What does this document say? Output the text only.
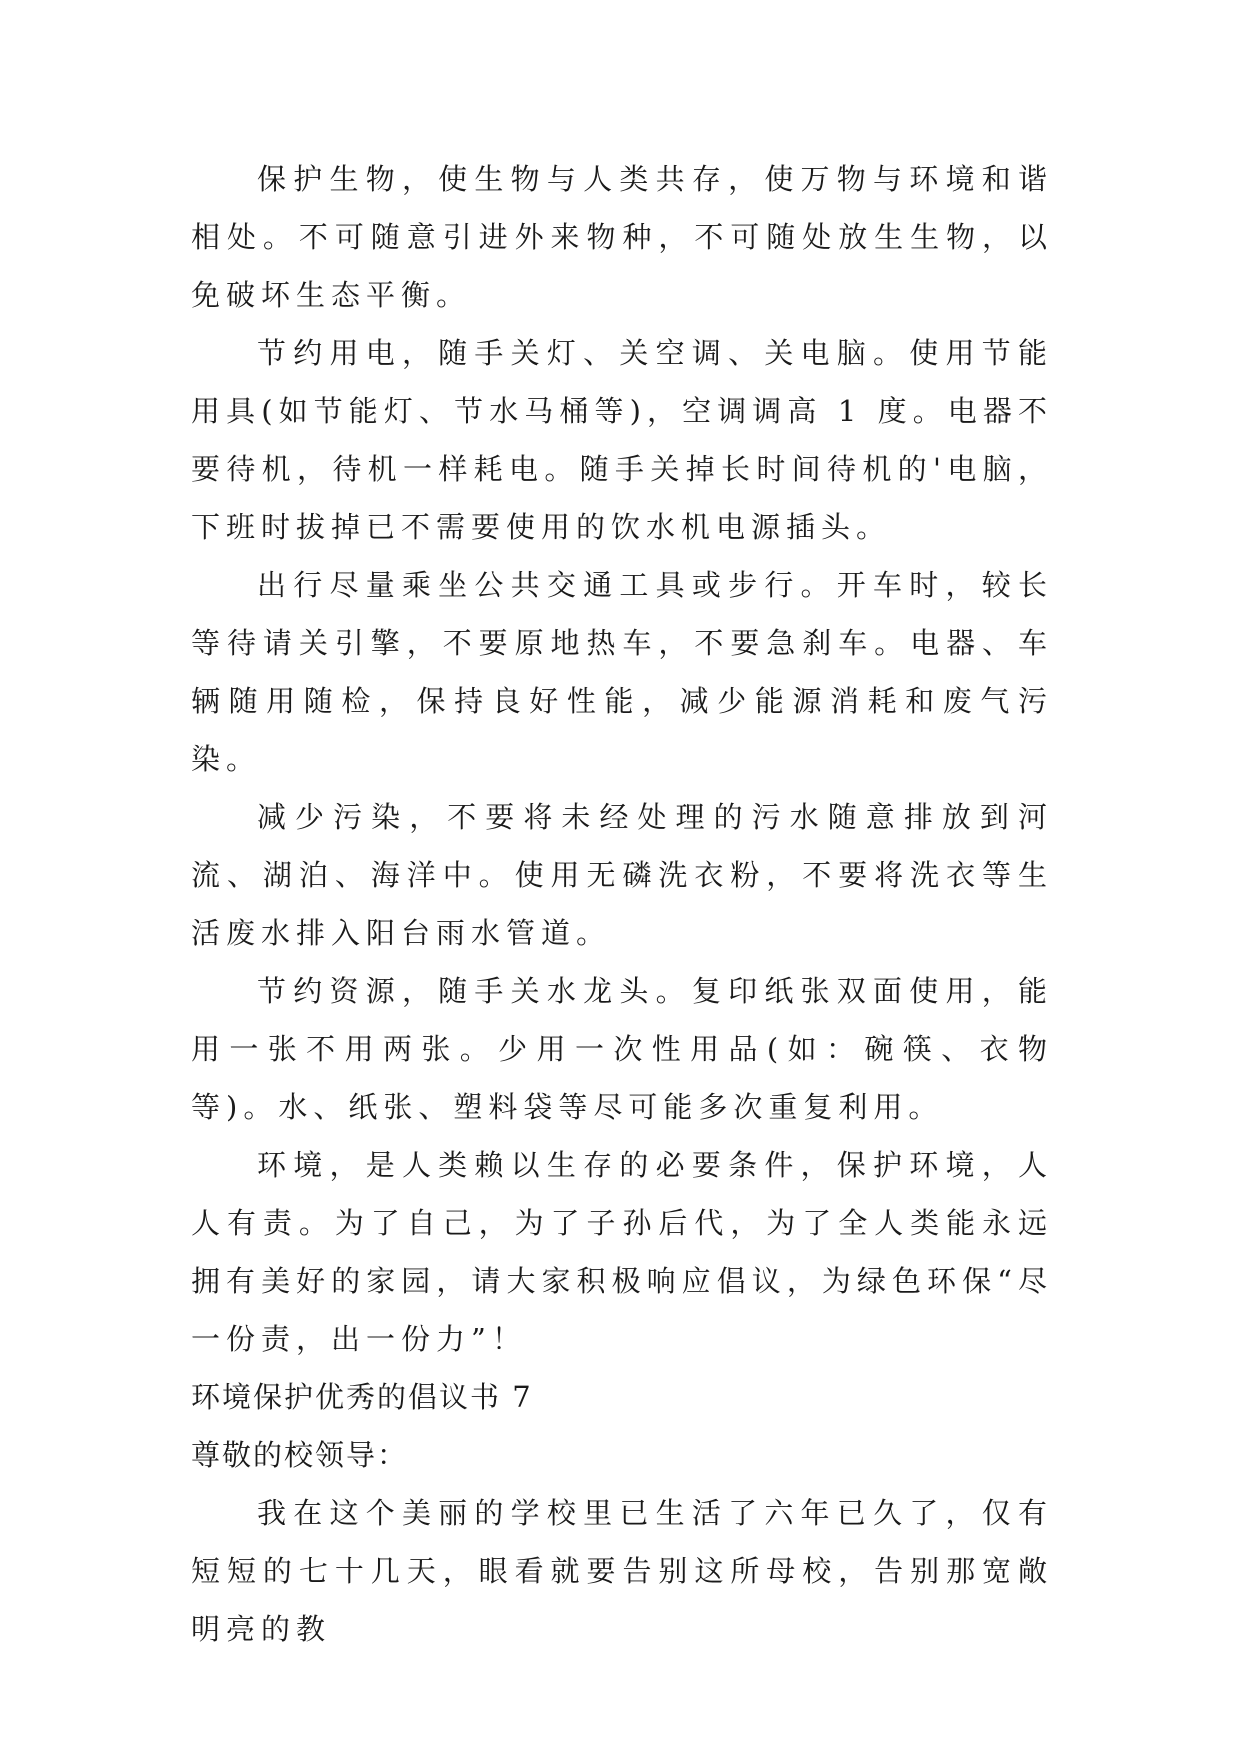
保护生物，使生物与人类共存，使万物与环境和谐相处。不可随意引进外来物种，不可随处放生生物，以免破坏生态平衡。

节约用电，随手关灯、关空调、关电脑。使用节能用具(如节能灯、节水马桶等)，空调调高 1 度。电器不要待机，待机一样耗电。随手关掉长时间待机的'电脑，下班时拔掉已不需要使用的饮水机电源插头。

出行尽量乘坐公共交通工具或步行。开车时，较长等待请关引擎，不要原地热车，不要急刹车。电器、车辆随用随检，保持良好性能，减少能源消耗和废气污染。

减少污染，不要将未经处理的污水随意排放到河流、湖泊、海洋中。使用无磷洗衣粉，不要将洗衣等生活废水排入阳台雨水管道。

节约资源，随手关水龙头。复印纸张双面使用，能用一张不用两张。少用一次性用品(如：碗筷、衣物等)。水、纸张、塑料袋等尽可能多次重复利用。

环境，是人类赖以生存的必要条件，保护环境，人人有责。为了自己，为了子孙后代，为了全人类能永远拥有美好的家园，请大家积极响应倡议，为绿色环保“尽一份责，出一份力”！

环境保护优秀的倡议书 7

尊敬的校领导：

我在这个美丽的学校里已生活了六年已久了，仅有短短的七十几天，眼看就要告别这所母校，告别那宽敞明亮的教
